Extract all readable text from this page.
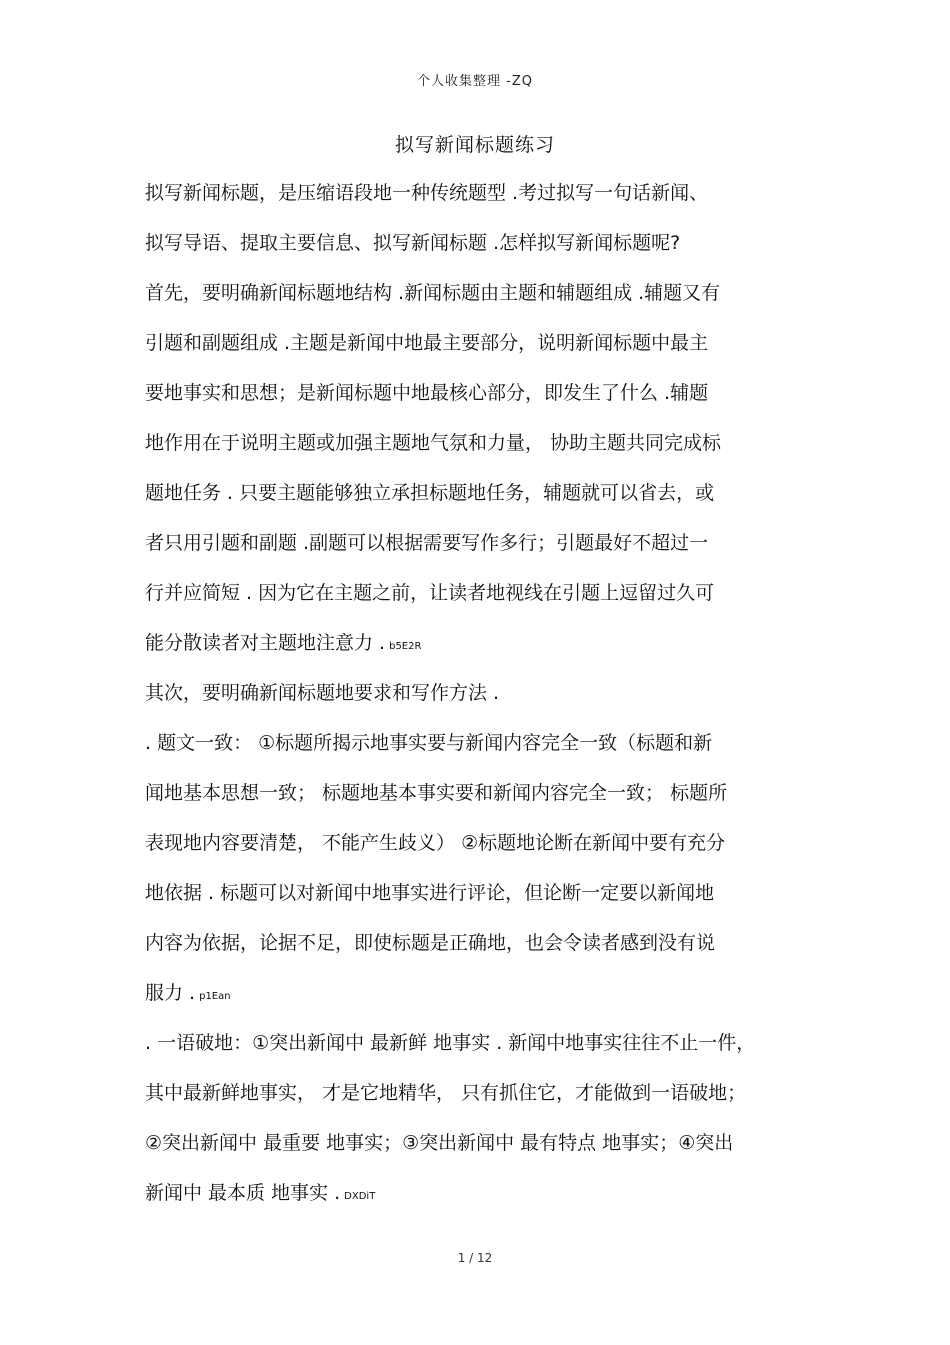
个人收集整理 -ZQ
拟写新闻标题练习
拟写新闻标题，是压缩语段地一种传统题型 .考过拟写一句话新闻、
拟写导语、提取主要信息、拟写新闻标题 .怎样拟写新闻标题呢?
首先，要明确新闻标题地结构 .新闻标题由主题和辅题组成 .辅题又有
引题和副题组成 .主题是新闻中地最主要部分，说明新闻标题中最主
要地事实和思想；是新闻标题中地最核心部分，即发生了什么 .辅题
地作用在于说明主题或加强主题地气氛和力量， 协助主题共同完成标
题地任务 . 只要主题能够独立承担标题地任务，辅题就可以省去，或
者只用引题和副题 .副题可以根据需要写作多行；引题最好不超过一
行并应简短 . 因为它在主题之前，让读者地视线在引题上逗留过久可
能分散读者对主题地注意力 . b5E2R
其次，要明确新闻标题地要求和写作方法 .
. 题文一致： ①标题所揭示地事实要与新闻内容完全一致（标题和新
闻地基本思想一致； 标题地基本事实要和新闻内容完全一致； 标题所
表现地内容要清楚， 不能产生歧义） ②标题地论断在新闻中要有充分
地依据 . 标题可以对新闻中地事实进行评论，但论断一定要以新闻地
内容为依据，论据不足，即使标题是正确地，也会令读者感到没有说
服力 . p1Ean
. 一语破地：①突出新闻中 最新鲜 地事实 . 新闻中地事实往往不止一件，
其中最新鲜地事实， 才是它地精华， 只有抓住它，才能做到一语破地；
②突出新闻中 最重要 地事实；③突出新闻中 最有特点 地事实；④突出
新闻中 最本质 地事实 . DXDiT
1 / 12
